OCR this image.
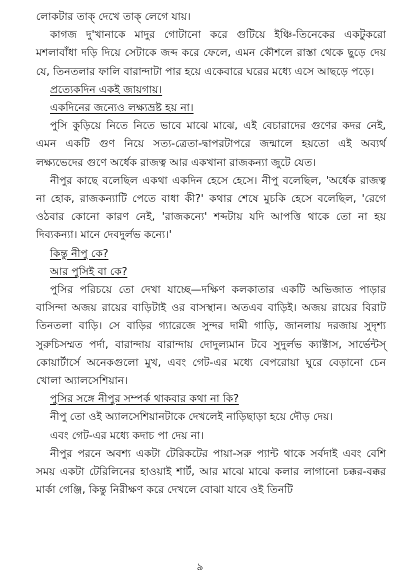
লোকটার তাক্ দেখে তাক্ লেগে যায়।

কাগজ দু'খানাকে মাদুর গোটানো করে গুটিয়ে ইঞ্চি-তিনেকের একটুকরো মশলাবাঁধা দড়ি দিয়ে সেটাকে জব্দ করে ফেলে, এমন কৌশলে রাস্তা থেকে ছুড়ে দেয় যে, তিনতলার ফালি বারান্দাটা পার হয়ে একেবারে ঘরের মধ্যে এসে আছড়ে পড়ে।

প্রত্যেকদিন একই জায়গায়।

একদিনের জন্যেও লক্ষ্যভ্রষ্ট হয় না।

পুসি কুড়িয়ে নিতে নিতে ভাবে মাঝে মাঝে, এই বেচারাদের গুণের কদর নেই, এমন একটি গুণ নিয়ে সত্য-ত্রেতা-দ্বাপরটাপরে জন্মালে হয়তো এই অব্যর্থ লক্ষ্যভেদের গুণে অর্ধেক রাজত্ব আর একখানা রাজকন্যা জুটে যেত।

নীপুর কাছে বলেছিল একথা একদিন হেসে হেসে। নীপু বলেছিল, 'অর্ধেক রাজত্ব না হোক, রাজকন্যাটি পেতে বাধা কী?' কথার শেষে মুচকি হেসে বলেছিল, 'রেগে ওঠবার কোনো কারণ নেই, 'রাজকন্যে' শব্দটায় যদি আপত্তি থাকে তো না হয় দিব্যকন্যা। মানে দেবদুর্লভ কন্যে।'

কিন্তু নীপু কে?

আর পুসিই বা কে?

পুসির পরিচয়ে তো দেখা যাচ্ছে—দক্ষিণ কলকাতার একটি অভিজাত পাড়ার বাসিন্দা অজয় রায়ের বাড়িটাই ওর বাসস্থান। অতএব বাড়িই। অজয় রায়ের বিরাট তিনতলা বাড়ি। সে বাড়ির গ্যারেজে সুন্দর দামী গাড়ি, জানলায় দরজায় সুদৃশ্য সুরুচিসম্মত পর্দা, বারান্দায় বারান্দায় দোদুল্যমান টবে সুদুর্লভ ক্যাক্টাস, সার্ভেন্টস্ কোয়ার্টার্সে অনেকগুলো মুখ, এবং গেট-এর মধ্যে বেপরোয়া ঘুরে বেড়ানো চেন খোলা অ্যালসেশিয়ান।

পুসির সঙ্গে নীপুর সম্পর্ক থাকবার কথা না কি?

নীপু তো ওই অ্যালসেশিয়ানটাকে দেখলেই নাড়িছাড়া হয়ে দৌড় দেয়।

এবং গেট-এর মধ্যে কদাচ পা দেয় না।

নীপুর পরনে অবশ্য একটা টেরিকটের পায়া-সরু প্যান্ট থাকে সর্বদাই এবং বেশি সময় একটা টেরিলিনের হাওয়াই শার্ট, আর মাঝে মাঝে কলার লাগানো চক্কর-বক্কর মার্কা গেঞ্জি, কিন্তু নিরীক্ষণ করে দেখলে বোঝা যাবে ওই তিনটি

৯
